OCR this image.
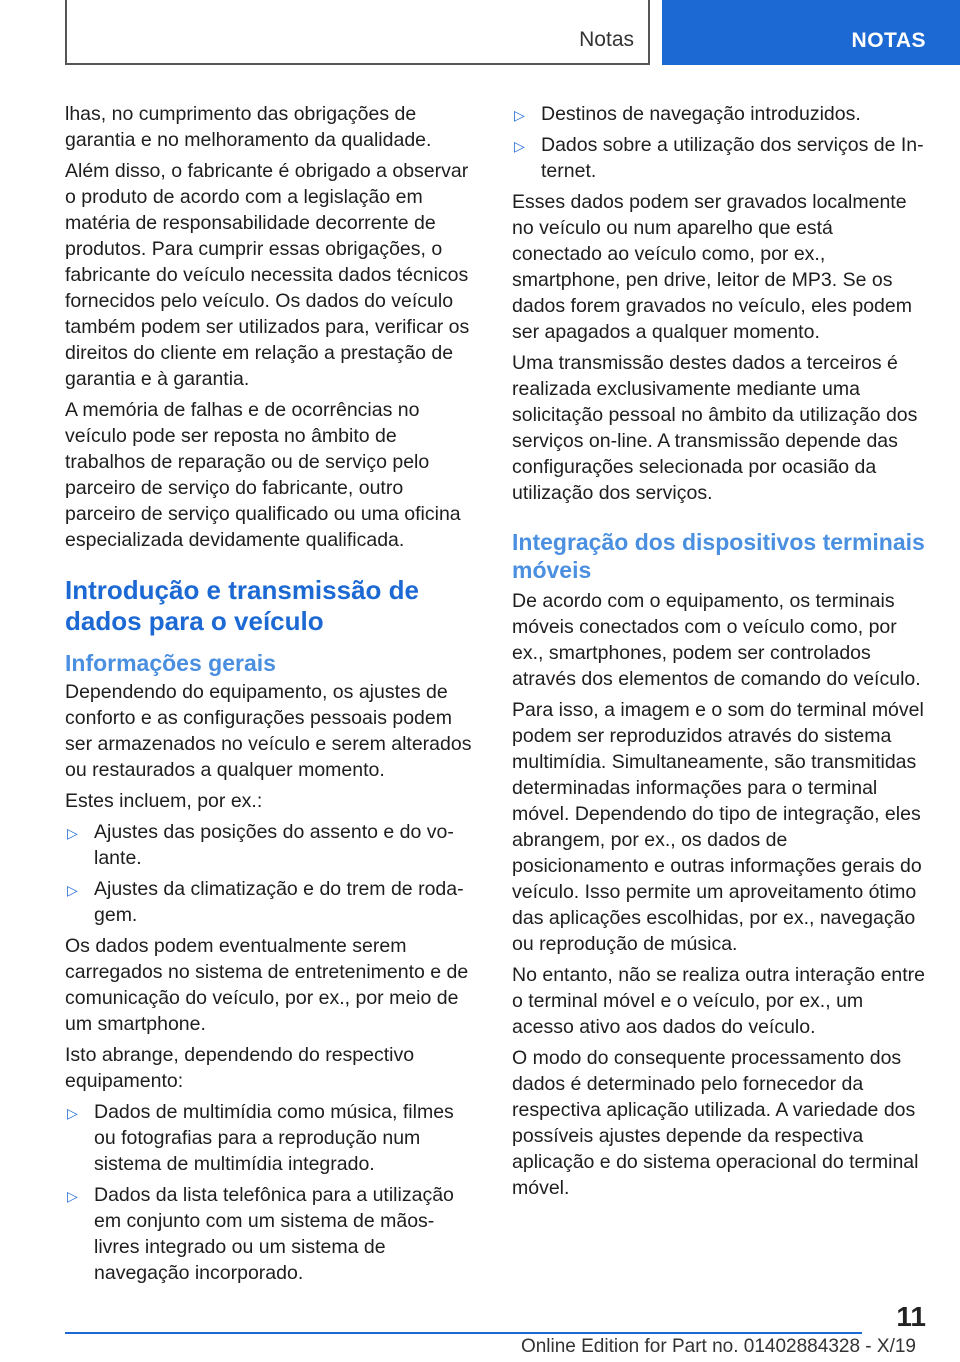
Notas	NOTAS

lhas, no cumprimento das obrigações de garantia e no melhoramento da qualidade.

Além disso, o fabricante é obrigado a observar o produto de acordo com a legislação em matéria de responsabilidade decorrente de produtos. Para cumprir essas obrigações, o fabricante do veículo necessita dados técnicos fornecidos pelo veículo. Os dados do veículo também podem ser utilizados para, verificar os direitos do cliente em relação a prestação de garantia e à garantia.

A memória de falhas e de ocorrências no veículo pode ser reposta no âmbito de trabalhos de reparação ou de serviço pelo parceiro de serviço do fabricante, outro parceiro de serviço qualificado ou uma oficina especializada devidamente qualificada.

Introdução e transmissão de dados para o veículo
Informações gerais

Dependendo do equipamento, os ajustes de conforto e as configurações pessoais podem ser armazenados no veículo e serem alterados ou restaurados a qualquer momento.

Estes incluem, por ex.:

▷ Ajustes das posições do assento e do volante.
▷ Ajustes da climatização e do trem de rodagem.

Os dados podem eventualmente serem carregados no sistema de entretenimento e de comunicação do veículo, por ex., por meio de um smartphone.

Isto abrange, dependendo do respectivo equipamento:

▷ Dados de multimídia como música, filmes ou fotografias para a reprodução num sistema de multimídia integrado.
▷ Dados da lista telefônica para a utilização em conjunto com um sistema de mãos-livres integrado ou um sistema de navegação incorporado.
▷ Destinos de navegação introduzidos.
▷ Dados sobre a utilização dos serviços de Internet.

Esses dados podem ser gravados localmente no veículo ou num aparelho que está conectado ao veículo como, por ex., smartphone, pen drive, leitor de MP3. Se os dados forem gravados no veículo, eles podem ser apagados a qualquer momento.

Uma transmissão destes dados a terceiros é realizada exclusivamente mediante uma solicitação pessoal no âmbito da utilização dos serviços on-line. A transmissão depende das configurações selecionada por ocasião da utilização dos serviços.

Integração dos dispositivos terminais móveis

De acordo com o equipamento, os terminais móveis conectados com o veículo como, por ex., smartphones, podem ser controlados através dos elementos de comando do veículo.

Para isso, a imagem e o som do terminal móvel podem ser reproduzidos através do sistema multimídia. Simultaneamente, são transmitidas determinadas informações para o terminal móvel. Dependendo do tipo de integração, eles abrangem, por ex., os dados de posicionamento e outras informações gerais do veículo. Isso permite um aproveitamento ótimo das aplicações escolhidas, por ex., navegação ou reprodução de música.

No entanto, não se realiza outra interação entre o terminal móvel e o veículo, por ex., um acesso ativo aos dados do veículo.

O modo do consequente processamento dos dados é determinado pelo fornecedor da respectiva aplicação utilizada. A variedade dos possíveis ajustes depende da respectiva aplicação e do sistema operacional do terminal móvel.

11
Online Edition for Part no. 01402884328 - X/19
